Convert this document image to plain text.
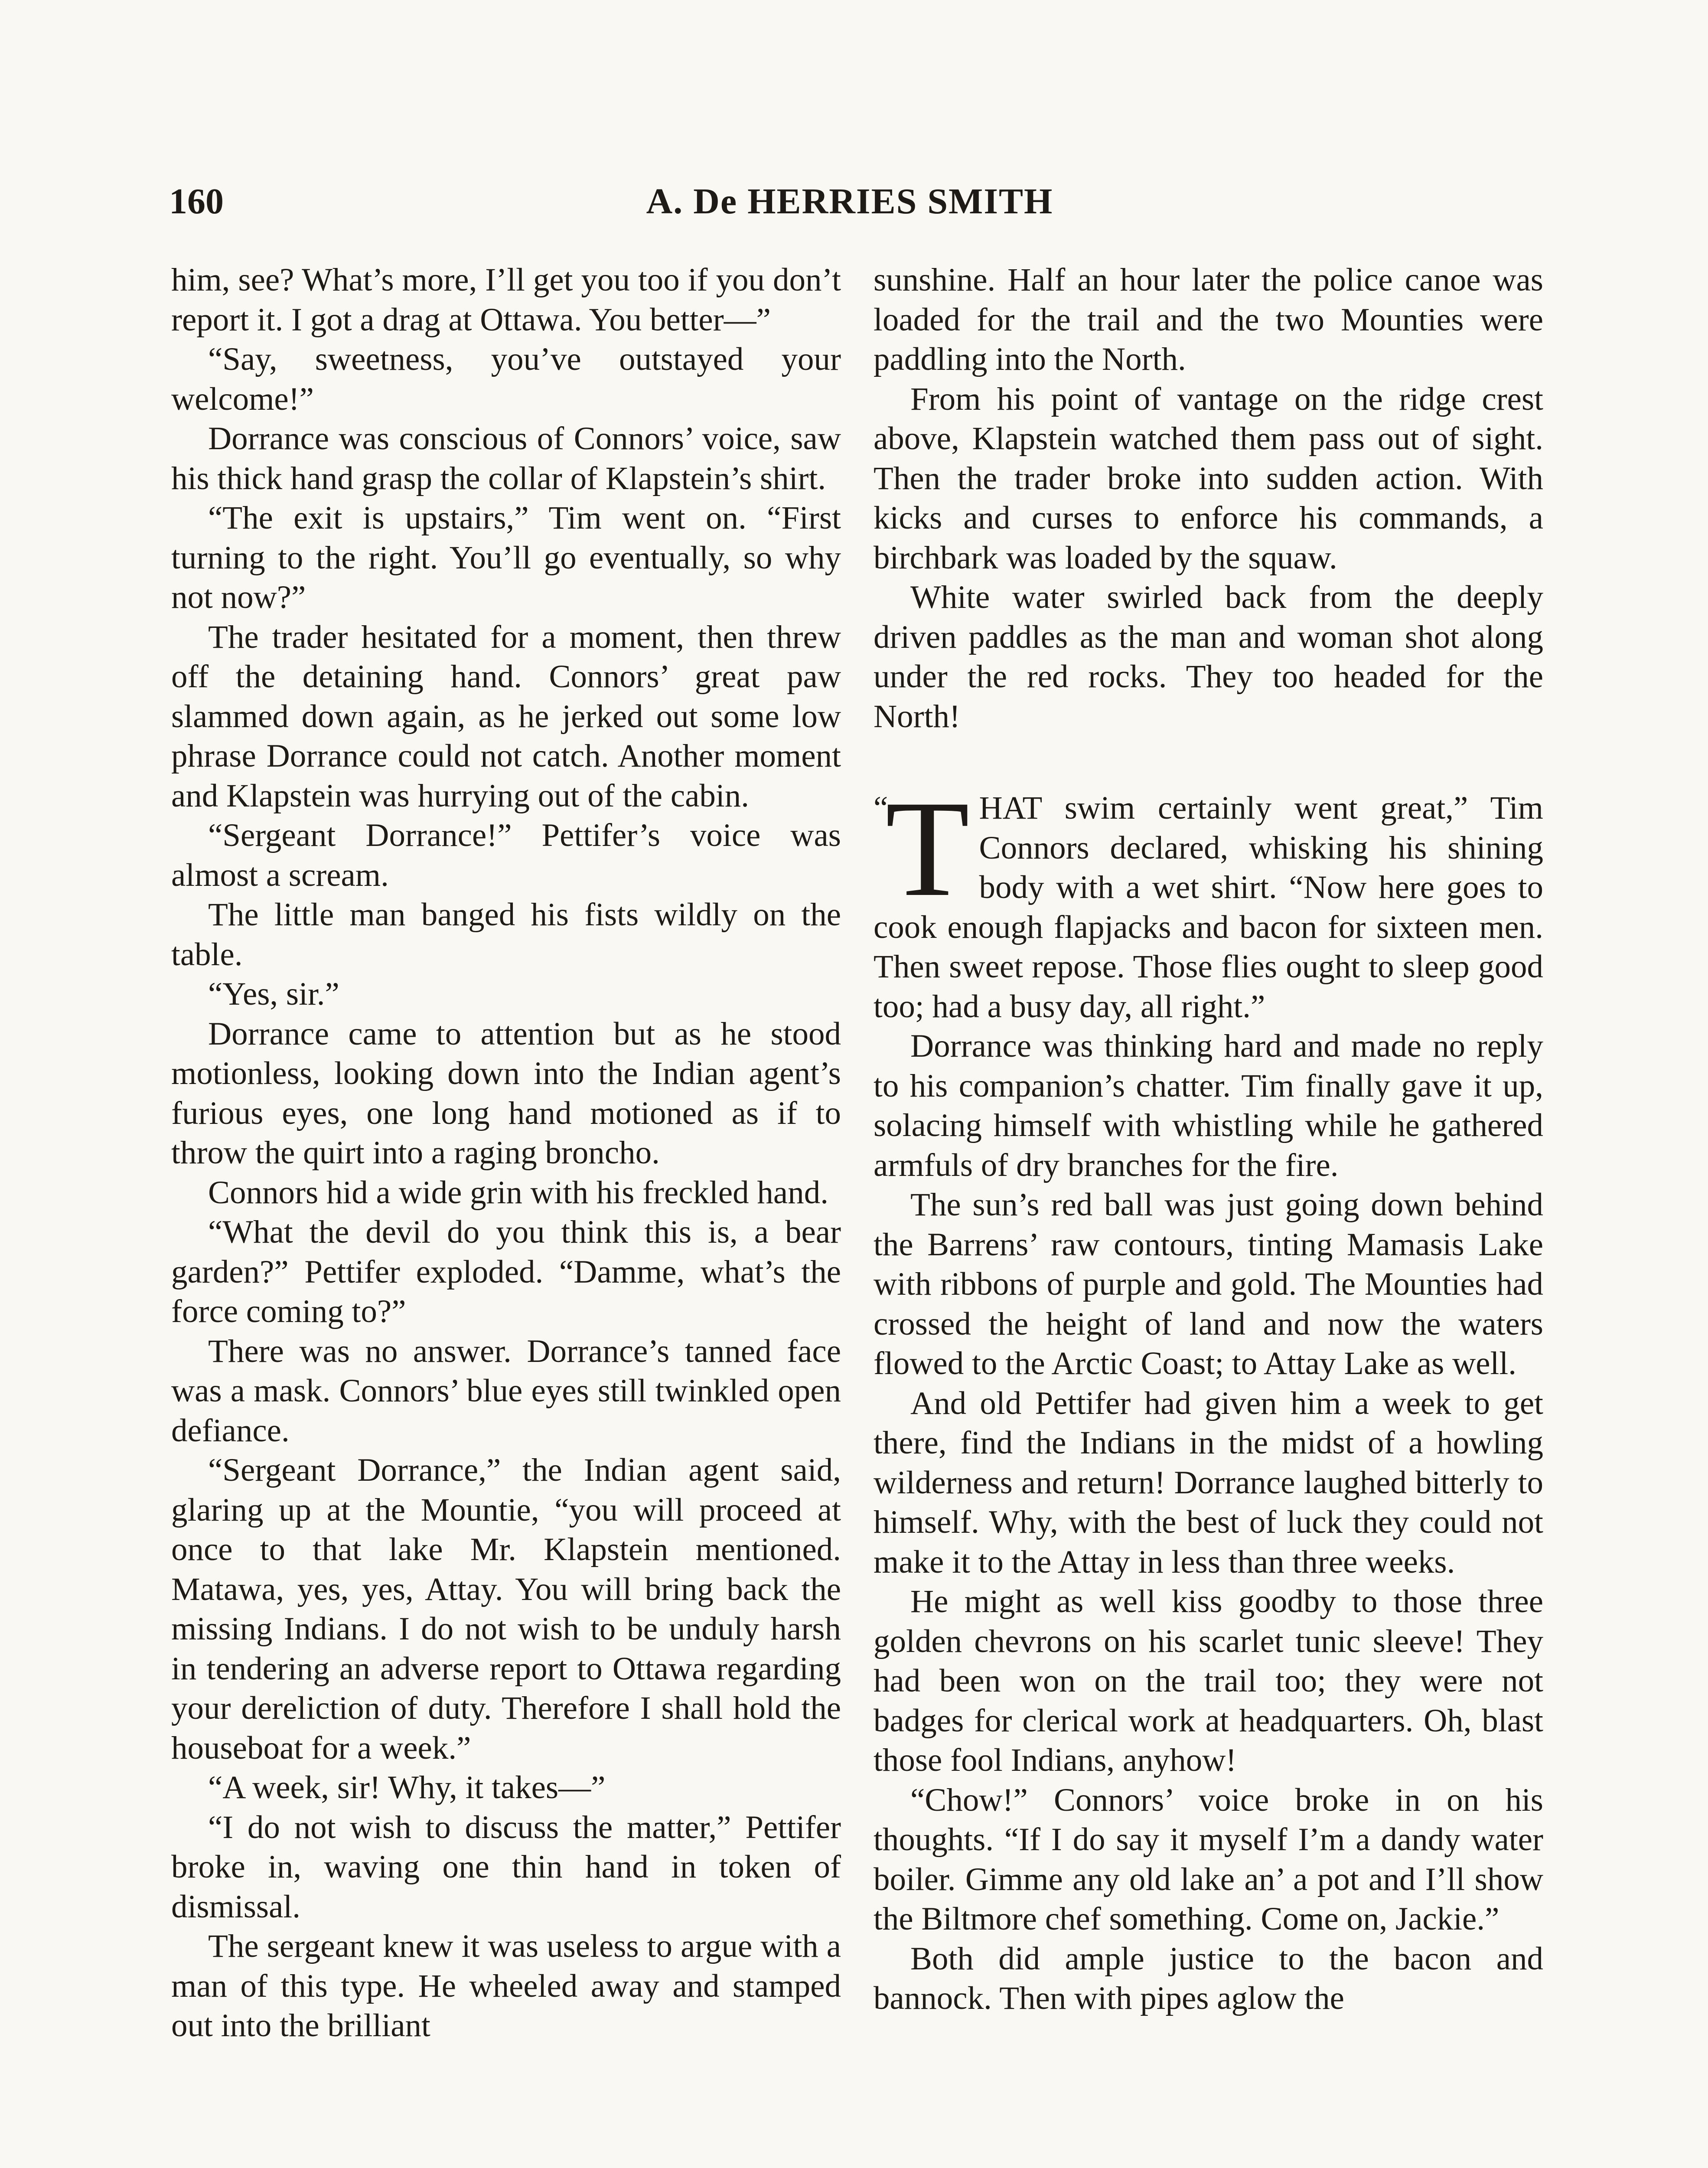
160	A. De HERRIES SMITH

him, see? What’s more, I’ll get you too if you don’t report it. I got a drag at Ottawa. You better—”

“Say, sweetness, you’ve outstayed your welcome!”

Dorrance was conscious of Connors’ voice, saw his thick hand grasp the collar of Klapstein’s shirt.

“The exit is upstairs,” Tim went on. “First turning to the right. You’ll go eventually, so why not now?”

The trader hesitated for a moment, then threw off the detaining hand. Connors’ great paw slammed down again, as he jerked out some low phrase Dorrance could not catch. Another moment and Klapstein was hurrying out of the cabin.

“Sergeant Dorrance!” Pettifer’s voice was almost a scream.

The little man banged his fists wildly on the table.

“Yes, sir.”

Dorrance came to attention but as he stood motionless, looking down into the Indian agent’s furious eyes, one long hand motioned as if to throw the quirt into a raging broncho.

Connors hid a wide grin with his freckled hand.

“What the devil do you think this is, a bear garden?” Pettifer exploded. “Damme, what’s the force coming to?”

There was no answer. Dorrance’s tanned face was a mask. Connors’ blue eyes still twinkled open defiance.

“Sergeant Dorrance,” the Indian agent said, glaring up at the Mountie, “you will proceed at once to that lake Mr. Klapstein mentioned. Matawa, yes, yes, Attay. You will bring back the missing Indians. I do not wish to be unduly harsh in tendering an adverse report to Ottawa regarding your dereliction of duty. Therefore I shall hold the houseboat for a week.”

“A week, sir! Why, it takes—”

“I do not wish to discuss the matter,” Pettifer broke in, waving one thin hand in token of dismissal.

The sergeant knew it was useless to argue with a man of this type. He wheeled away and stamped out into the brilliant

sunshine. Half an hour later the police canoe was loaded for the trail and the two Mounties were paddling into the North.

From his point of vantage on the ridge crest above, Klapstein watched them pass out of sight. Then the trader broke into sudden action. With kicks and curses to enforce his commands, a birchbark was loaded by the squaw.

White water swirled back from the deeply driven paddles as the man and woman shot along under the red rocks. They too headed for the North!

“
T HAT swim certainly went great,” Tim Connors declared, whisking his shining body with a wet shirt. “Now here goes to cook enough flapjacks and bacon for sixteen men. Then sweet repose. Those flies ought to sleep good too; had a busy day, all right.”

Dorrance was thinking hard and made no reply to his companion’s chatter. Tim finally gave it up, solacing himself with whistling while he gathered armfuls of dry branches for the fire.

The sun’s red ball was just going down behind the Barrens’ raw contours, tinting Mamasis Lake with ribbons of purple and gold. The Mounties had crossed the height of land and now the waters flowed to the Arctic Coast; to Attay Lake as well.

And old Pettifer had given him a week to get there, find the Indians in the midst of a howling wilderness and return! Dorrance laughed bitterly to himself. Why, with the best of luck they could not make it to the Attay in less than three weeks.

He might as well kiss goodby to those three golden chevrons on his scarlet tunic sleeve! They had been won on the trail too; they were not badges for clerical work at headquarters. Oh, blast those fool Indians, anyhow!

“Chow!” Connors’ voice broke in on his thoughts. “If I do say it myself I’m a dandy water boiler. Gimme any old lake an’ a pot and I’ll show the Biltmore chef something. Come on, Jackie.”

Both did ample justice to the bacon and bannock. Then with pipes aglow the
